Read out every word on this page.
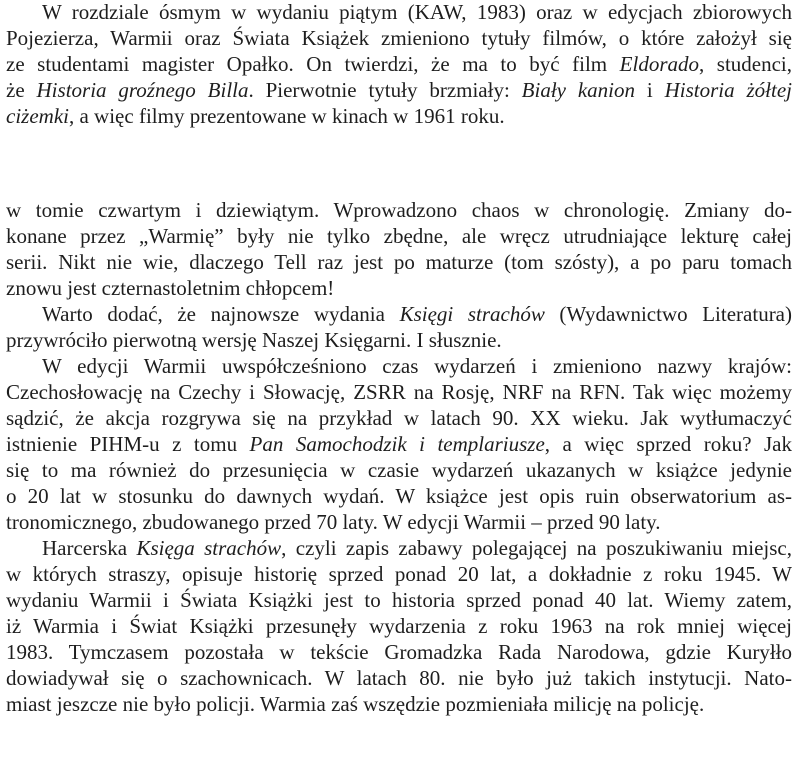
W rozdziale ósmym w wydaniu piątym (KAW, 1983) oraz w edycjach zbiorowych
Pojezierza, Warmii oraz Świata Książek zmieniono tytuły filmów, o które założył się
ze studentami magister Opałko. On twierdzi, że ma to być film Eldorado, studenci,
że Historia groźnego Billa. Pierwotnie tytuły brzmiały: Biały kanion i Historia żółtej
ciżemki, a więc filmy prezentowane w kinach w 1961 roku.
w tomie czwartym i dziewiątym. Wprowadzono chaos w chronologię. Zmiany do-
konane przez „Warmię” były nie tylko zbędne, ale wręcz utrudniające lekturę całej
serii. Nikt nie wie, dlaczego Tell raz jest po maturze (tom szósty), a po paru tomach
znowu jest czternastoletnim chłopcem!
Warto dodać, że najnowsze wydania Księgi strachów (Wydawnictwo Literatura)
przywróciło pierwotną wersję Naszej Księgarni. I słusznie.
W edycji Warmii uwspółcześniono czas wydarzeń i zmieniono nazwy krajów:
Czechosłowację na Czechy i Słowację, ZSRR na Rosję, NRF na RFN. Tak więc możemy
sądzić, że akcja rozgrywa się na przykład w latach 90. XX wieku. Jak wytłumaczyć
istnienie PIHM-u z tomu Pan Samochodzik i templariusze, a więc sprzed roku? Jak
się to ma również do przesunięcia w czasie wydarzeń ukazanych w książce jedynie
o 20 lat w stosunku do dawnych wydań. W książce jest opis ruin obserwatorium as-
tronomicznego, zbudowanego przed 70 laty. W edycji Warmii – przed 90 laty.
Harcerska Księga strachów, czyli zapis zabawy polegającej na poszukiwaniu miejsc,
w których straszy, opisuje historię sprzed ponad 20 lat, a dokładnie z roku 1945. W
wydaniu Warmii i Świata Książki jest to historia sprzed ponad 40 lat. Wiemy zatem,
iż Warmia i Świat Książki przesunęły wydarzenia z roku 1963 na rok mniej więcej
1983. Tymczasem pozostała w tekście Gromadzka Rada Narodowa, gdzie Kuryłło
dowiadywał się o szachownicach. W latach 80. nie było już takich instytucji. Nato-
miast jeszcze nie było policji. Warmia zaś wszędzie pozmieniała milicję na policję.
